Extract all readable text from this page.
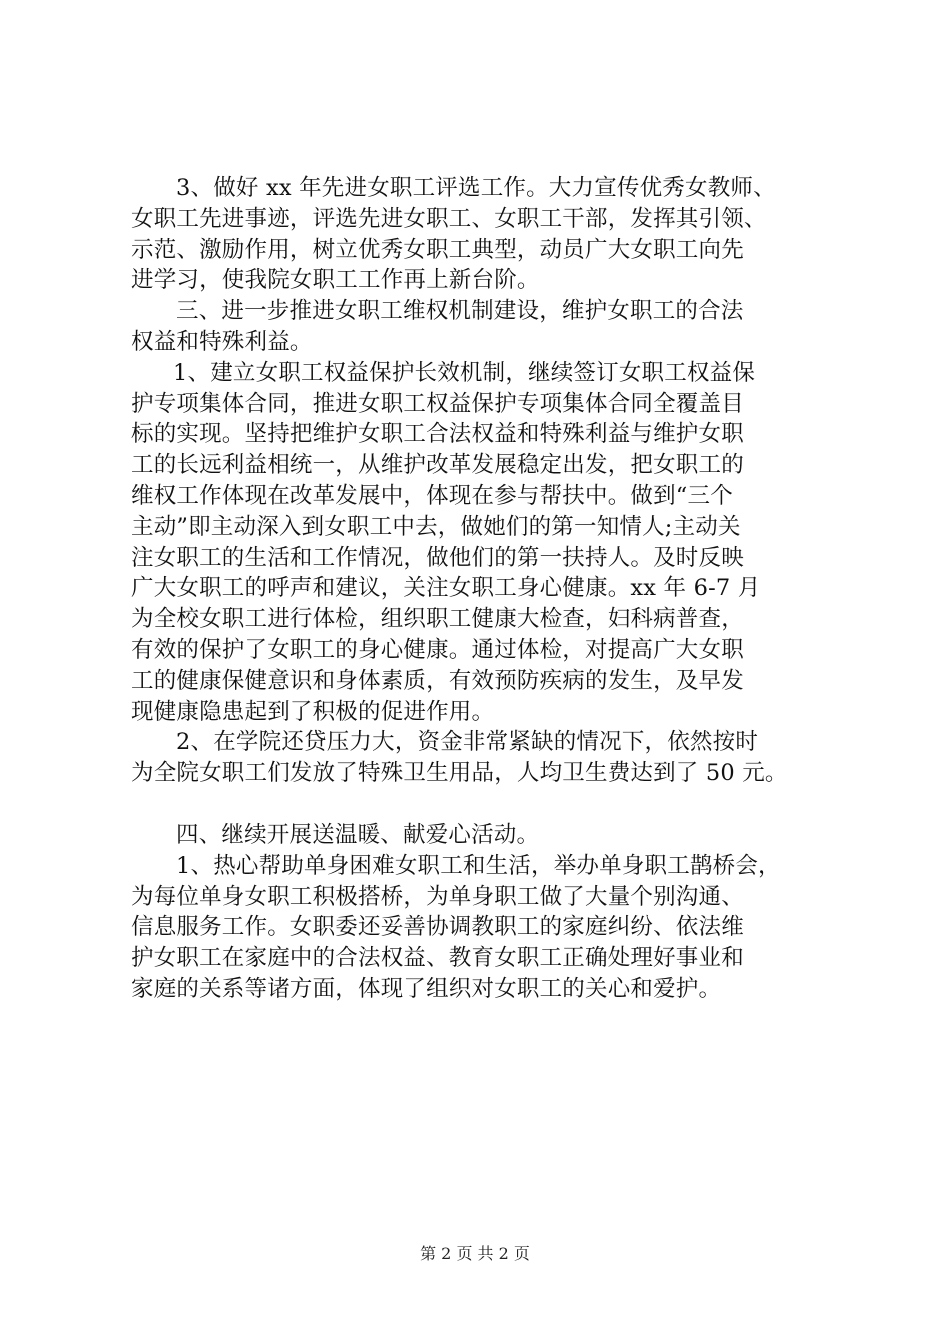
3、做好 xx 年先进女职工评选工作。大力宣传优秀女教师、
女职工先进事迹，评选先进女职工、女职工干部，发挥其引领、
示范、激励作用，树立优秀女职工典型，动员广大女职工向先
进学习，使我院女职工工作再上新台阶。
三、进一步推进女职工维权机制建设，维护女职工的合法
权益和特殊利益。
1、建立女职工权益保护长效机制，继续签订女职工权益保
护专项集体合同，推进女职工权益保护专项集体合同全覆盖目
标的实现。坚持把维护女职工合法权益和特殊利益与维护女职
工的长远利益相统一，从维护改革发展稳定出发，把女职工的
维权工作体现在改革发展中，体现在参与帮扶中。做到“三个
主动”即主动深入到女职工中去，做她们的第一知情人;主动关
注女职工的生活和工作情况，做他们的第一扶持人。及时反映
广大女职工的呼声和建议，关注女职工身心健康。xx 年 6-7 月
为全校女职工进行体检，组织职工健康大检查，妇科病普查，
有效的保护了女职工的身心健康。通过体检，对提高广大女职
工的健康保健意识和身体素质，有效预防疾病的发生，及早发
现健康隐患起到了积极的促进作用。
2、在学院还贷压力大，资金非常紧缺的情况下，依然按时
为全院女职工们发放了特殊卫生用品，人均卫生费达到了 50 元。
四、继续开展送温暖、献爱心活动。
1、热心帮助单身困难女职工和生活，举办单身职工鹊桥会，
为每位单身女职工积极搭桥，为单身职工做了大量个别沟通、
信息服务工作。女职委还妥善协调教职工的家庭纠纷、依法维
护女职工在家庭中的合法权益、教育女职工正确处理好事业和
家庭的关系等诸方面，体现了组织对女职工的关心和爱护。
第 2 页 共 2 页
